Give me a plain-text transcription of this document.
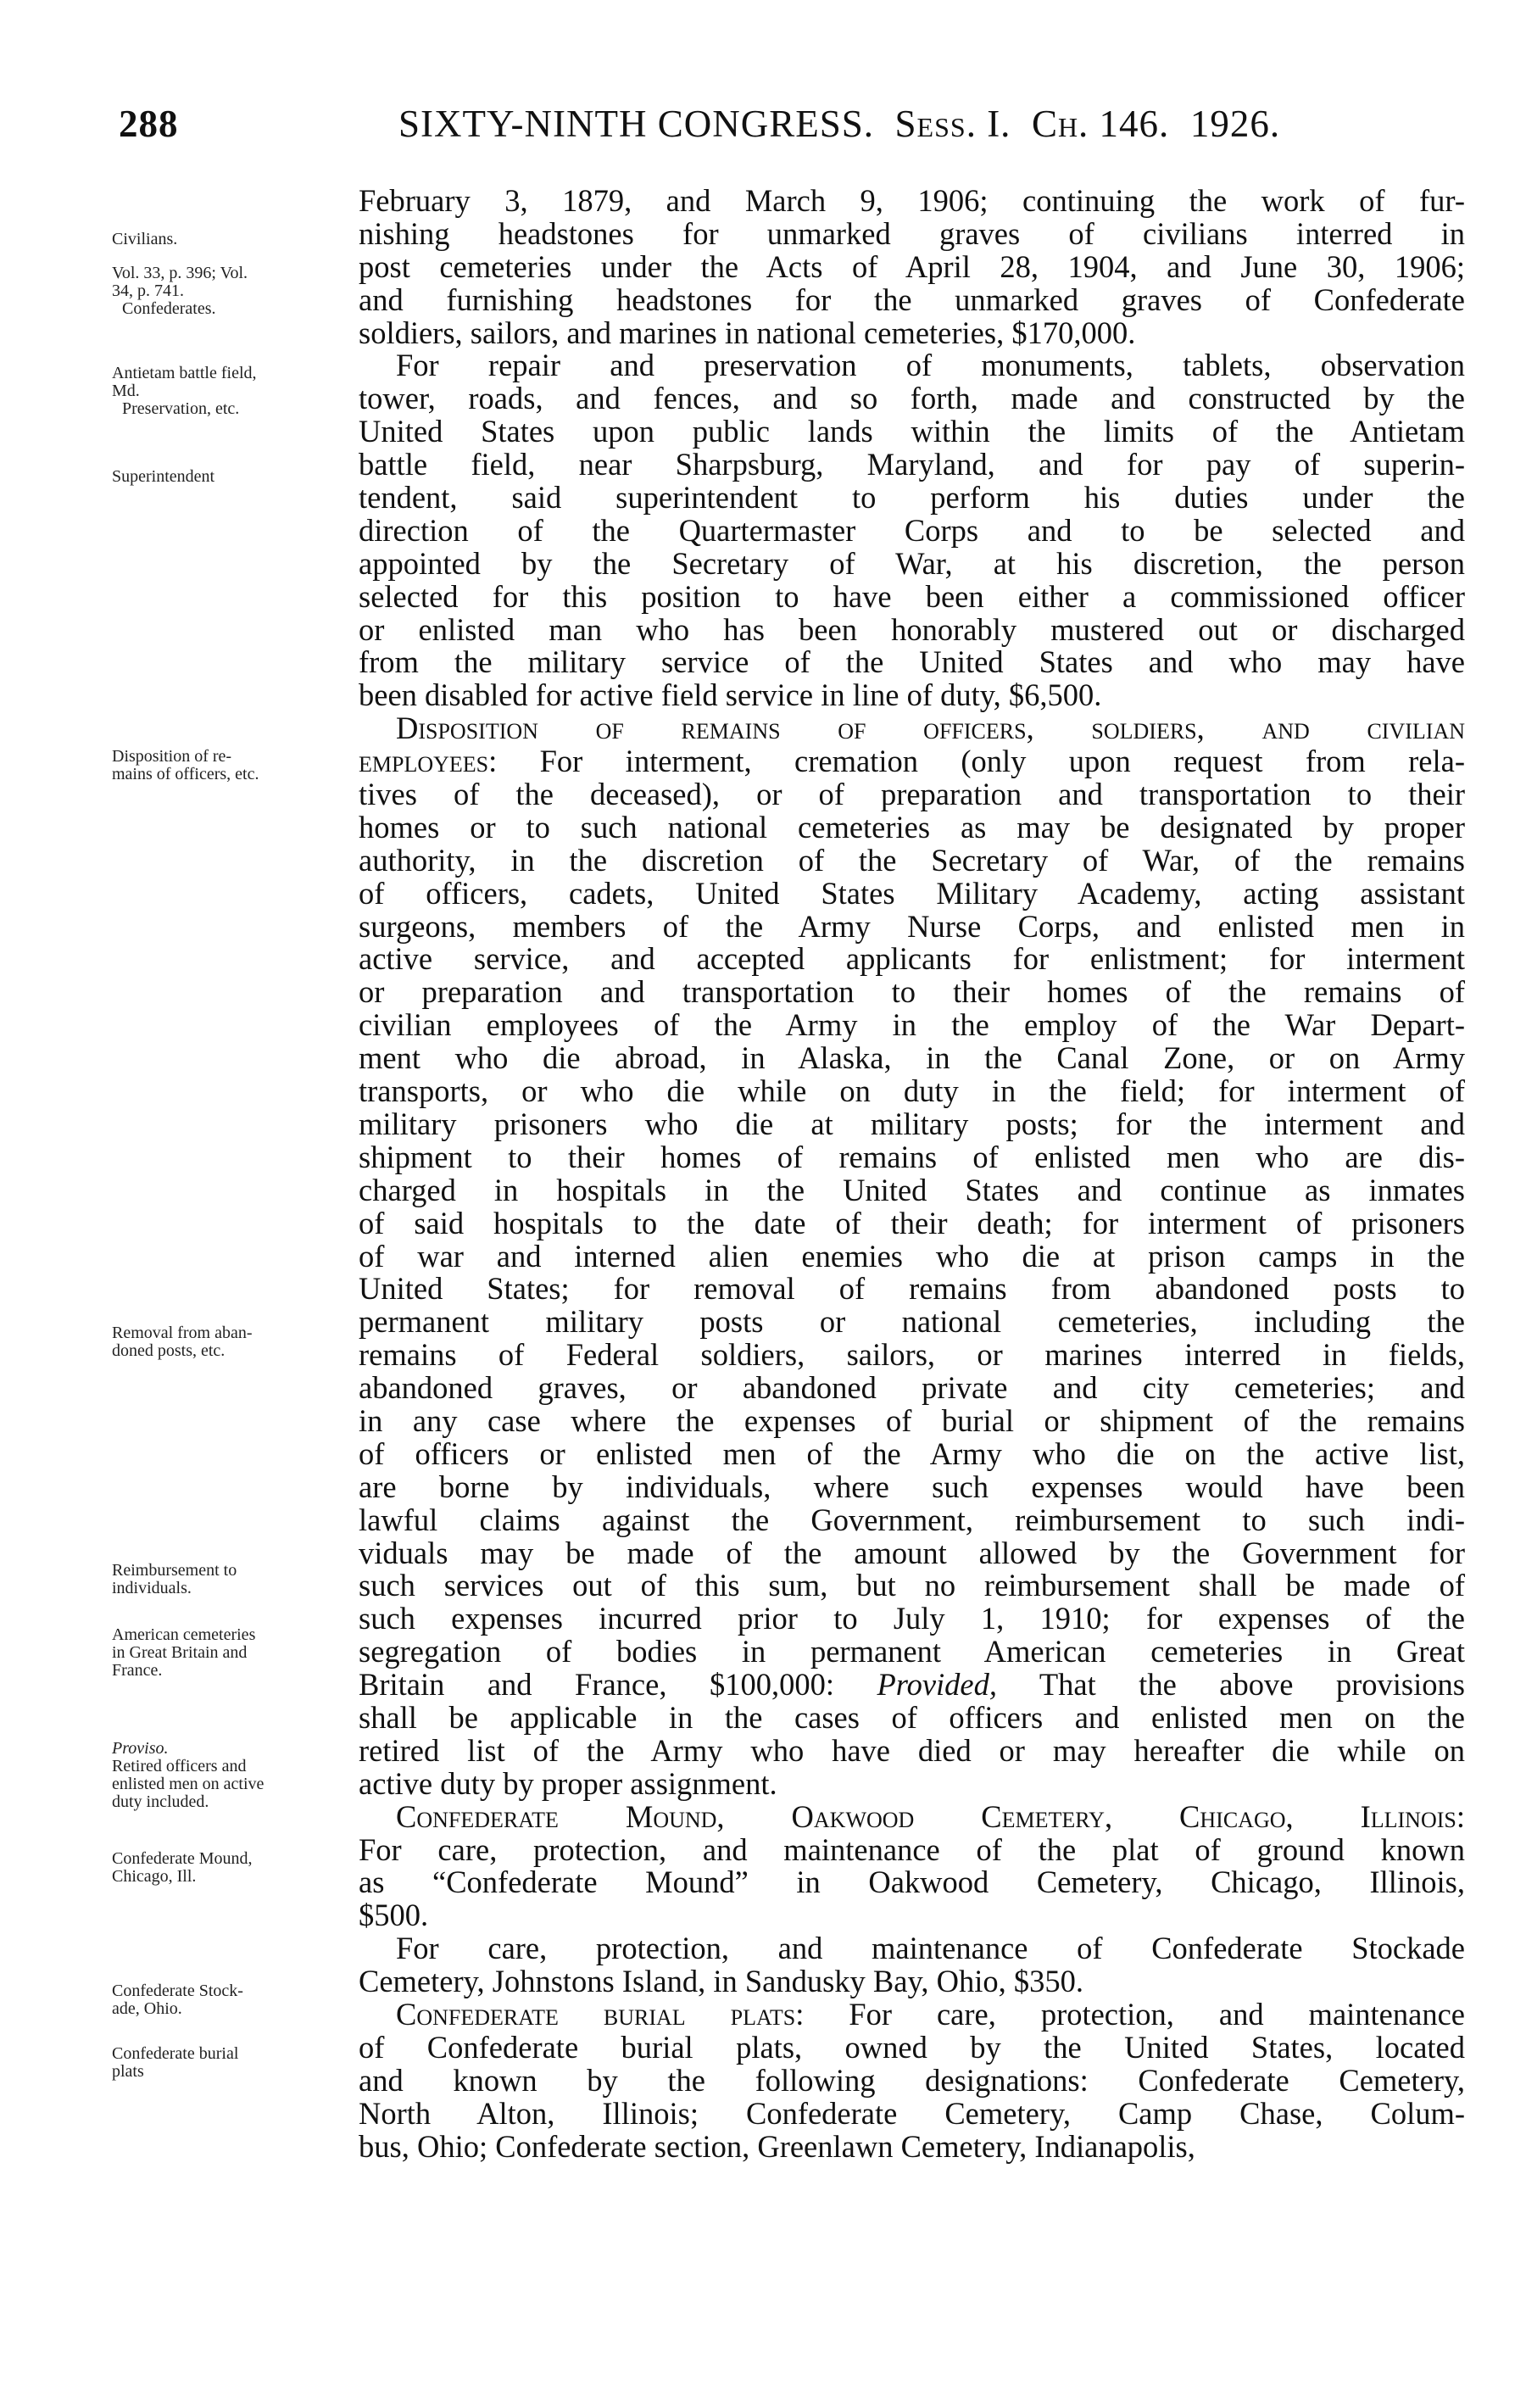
288	SIXTY-NINTH CONGRESS. Sess. I. Ch. 146. 1926.
Civilians.
Vol. 33, p. 396; Vol.
34, p. 741.
Confederates.
Antietam battle field,
Md.
Preservation, etc.
Superintendent
Disposition of re-
mains of officers, etc.
Removal from aban-
doned posts, etc.
Reimbursement to
individuals.
American cemeteries
in Great Britain and
France.
Proviso.
Retired officers and
enlisted men on active
duty included.
Confederate Mound,
Chicago, Ill.
Confederate Stock-
ade, Ohio.
Confederate burial
plats
February 3, 1879, and March 9, 1906; continuing the work of fur-
nishing headstones for unmarked graves of civilians interred in
post cemeteries under the Acts of April 28, 1904, and June 30, 1906;
and furnishing headstones for the unmarked graves of Confederate
soldiers, sailors, and marines in national cemeteries, $170,000.
For repair and preservation of monuments, tablets, observation
tower, roads, and fences, and so forth, made and constructed by the
United States upon public lands within the limits of the Antietam
battle field, near Sharpsburg, Maryland, and for pay of superin-
tendent, said superintendent to perform his duties under the
direction of the Quartermaster Corps and to be selected and
appointed by the Secretary of War, at his discretion, the person
selected for this position to have been either a commissioned officer
or enlisted man who has been honorably mustered out or discharged
from the military service of the United States and who may have
been disabled for active field service in line of duty, $6,500.
Disposition of remains of officers, soldiers, and civilian
employees: For interment, cremation (only upon request from rela-
tives of the deceased), or of preparation and transportation to their
homes or to such national cemeteries as may be designated by proper
authority, in the discretion of the Secretary of War, of the remains
of officers, cadets, United States Military Academy, acting assistant
surgeons, members of the Army Nurse Corps, and enlisted men in
active service, and accepted applicants for enlistment; for interment
or preparation and transportation to their homes of the remains of
civilian employees of the Army in the employ of the War Depart-
ment who die abroad, in Alaska, in the Canal Zone, or on Army
transports, or who die while on duty in the field; for interment of
military prisoners who die at military posts; for the interment and
shipment to their homes of remains of enlisted men who are dis-
charged in hospitals in the United States and continue as inmates
of said hospitals to the date of their death; for interment of prisoners
of war and interned alien enemies who die at prison camps in the
United States; for removal of remains from abandoned posts to
permanent military posts or national cemeteries, including the
remains of Federal soldiers, sailors, or marines interred in fields,
abandoned graves, or abandoned private and city cemeteries; and
in any case where the expenses of burial or shipment of the remains
of officers or enlisted men of the Army who die on the active list,
are borne by individuals, where such expenses would have been
lawful claims against the Government, reimbursement to such indi-
viduals may be made of the amount allowed by the Government for
such services out of this sum, but no reimbursement shall be made of
such expenses incurred prior to July 1, 1910; for expenses of the
segregation of bodies in permanent American cemeteries in Great
Britain and France, $100,000: Provided, That the above provisions
shall be applicable in the cases of officers and enlisted men on the
retired list of the Army who have died or may hereafter die while on
active duty by proper assignment.
Confederate Mound, Oakwood Cemetery, Chicago, Illinois:
For care, protection, and maintenance of the plat of ground known
as “Confederate Mound” in Oakwood Cemetery, Chicago, Illinois,
$500.
For care, protection, and maintenance of Confederate Stockade
Cemetery, Johnstons Island, in Sandusky Bay, Ohio, $350.
Confederate burial plats: For care, protection, and maintenance
of Confederate burial plats, owned by the United States, located
and known by the following designations: Confederate Cemetery,
North Alton, Illinois; Confederate Cemetery, Camp Chase, Colum-
bus, Ohio; Confederate section, Greenlawn Cemetery, Indianapolis,
